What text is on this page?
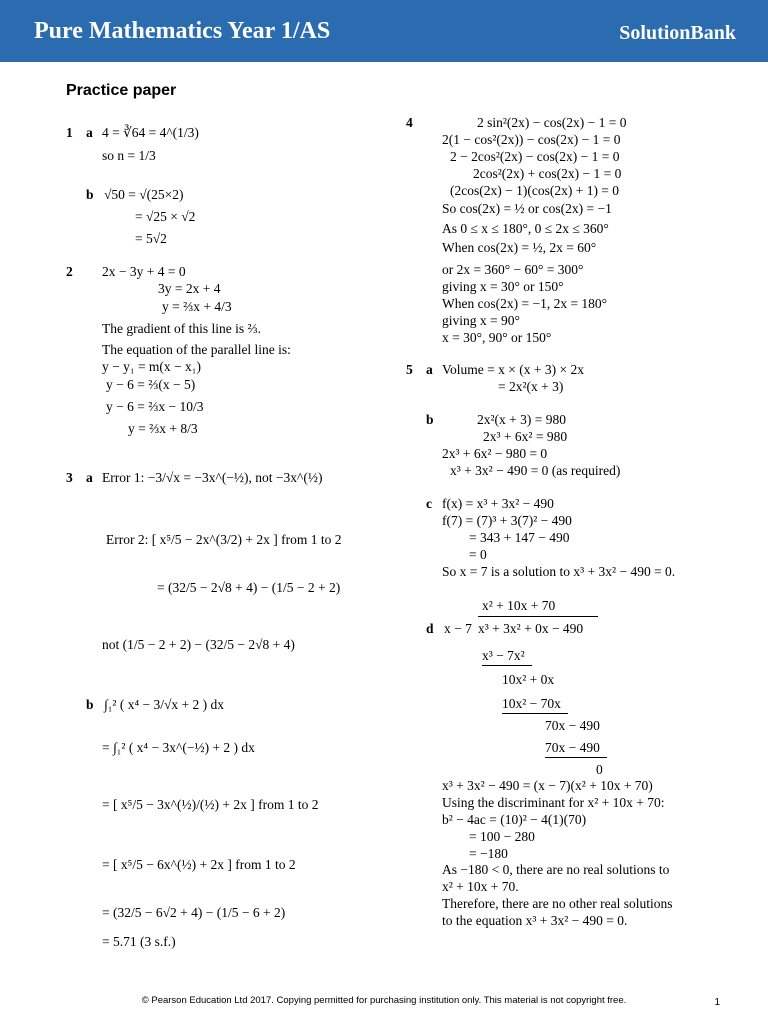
Pure Mathematics Year 1/AS	SolutionBank
Practice paper
1 a
b
2
3 a
b
4
5 a
b
c
d
4 = ∛64 = 4^(1/3)
so n = 1/3
√50 = √(25×2)
= √25 × √2
= 5√2
2x − 3y + 4 = 0
3y = 2x + 4
y = ⅔x + 4/3
The gradient of this line is ⅔.
The equation of the parallel line is:
y − y₁ = m(x − x₁)
y − 6 = ⅔(x − 5)
y − 6 = ⅔x − 10/3
y = ⅔x + 8/3
Error 1: −3/√x = −3x^(−½), not −3x^(½)
Error 2: [ x⁵/5 − 2x^(3/2) + 2x ] from 1 to 2
= (32/5 − 2√8 + 4) − (1/5 − 2 + 2)
not (1/5 − 2 + 2) − (32/5 − 2√8 + 4)
∫₁² ( x⁴ − 3/√x + 2 ) dx
= ∫₁² ( x⁴ − 3x^(−½) + 2 ) dx
= [ x⁵/5 − 3x^(½)/(½) + 2x ] from 1 to 2
= [ x⁵/5 − 6x^(½) + 2x ] from 1 to 2
= (32/5 − 6√2 + 4) − (1/5 − 6 + 2)
= 5.71 (3 s.f.)
2 sin²(2x) − cos(2x) − 1 = 0
2(1 − cos²(2x)) − cos(2x) − 1 = 0
2 − 2cos²(2x) − cos(2x) − 1 = 0
2cos²(2x) + cos(2x) − 1 = 0
(2cos(2x) − 1)(cos(2x) + 1) = 0
So cos(2x) = ½ or cos(2x) = −1
As 0 ≤ x ≤ 180°, 0 ≤ 2x ≤ 360°
When cos(2x) = ½, 2x = 60°
or 2x = 360° − 60° = 300°
giving x = 30° or 150°
When cos(2x) = −1, 2x = 180°
giving x = 90°
x = 30°, 90° or 150°
Volume = x × (x + 3) × 2x
= 2x²(x + 3)
2x²(x + 3) = 980
2x³ + 6x² = 980
2x³ + 6x² − 980 = 0
x³ + 3x² − 490 = 0 (as required)
f(x) = x³ + 3x² − 490
f(7) = (7)³ + 3(7)² − 490
= 343 + 147 − 490
= 0
So x = 7 is a solution to x³ + 3x² − 490 = 0.
x² + 10x + 70
x − 7 x³ + 3x² + 0x − 490
x³ − 7x²
10x² + 0x
10x² − 70x
70x − 490
70x − 490
0
x³ + 3x² − 490 = (x − 7)(x² + 10x + 70)
Using the discriminant for x² + 10x + 70:
b² − 4ac = (10)² − 4(1)(70)
= 100 − 280
= −180
As −180 < 0, there are no real solutions to
x² + 10x + 70.
Therefore, there are no other real solutions
to the equation x³ + 3x² − 490 = 0.
© Pearson Education Ltd 2017. Copying permitted for purchasing institution only. This material is not copyright free.	1
